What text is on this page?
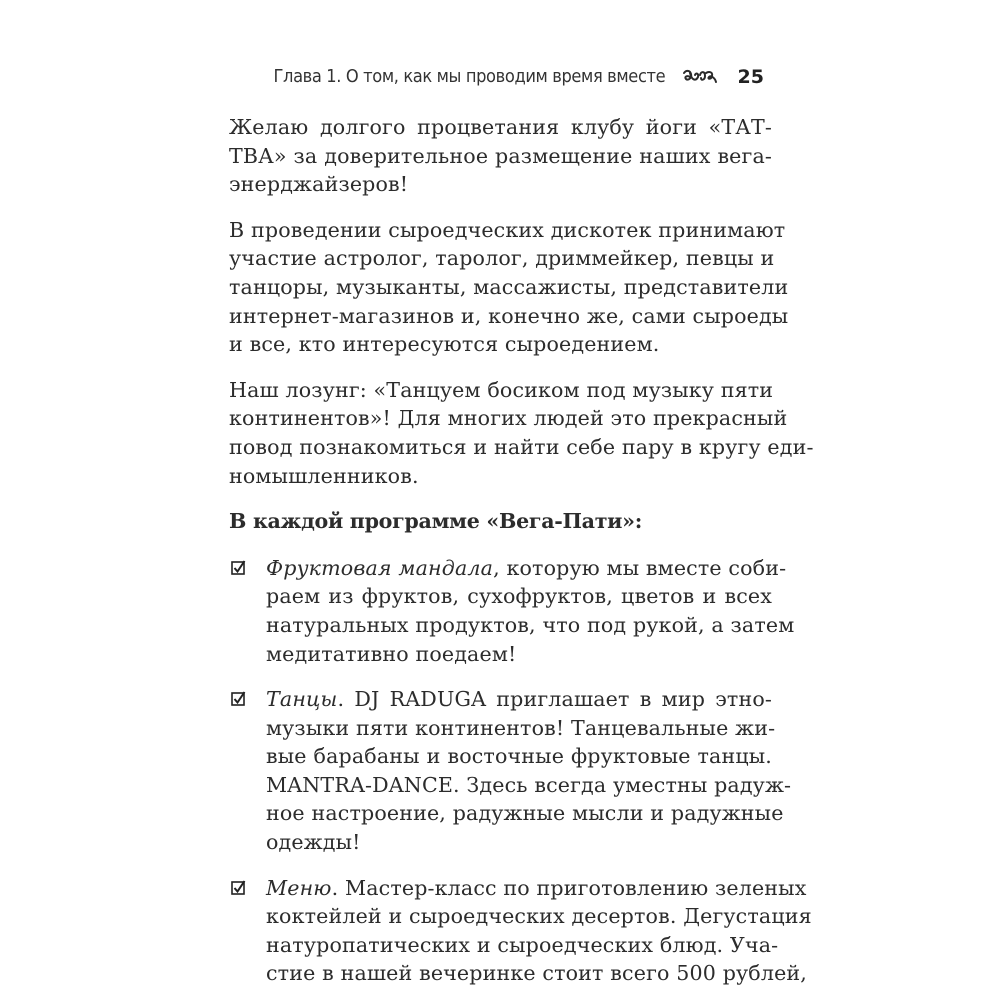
Глава 1. О том, как мы проводим время вместе	25

Желаю долгого процветания клубу йоги «ТАТ-
ТВА» за доверительное размещение наших вега-
энерджайзеров!

В проведении сыроедческих дискотек принимают
участие астролог, таролог, дриммейкер, певцы и
танцоры, музыканты, массажисты, представители
интернет-магазинов и, конечно же, сами сыроеды
и все, кто интересуются сыроедением.

Наш лозунг: «Танцуем босиком под музыку пяти
континентов»! Для многих людей это прекрасный
повод познакомиться и найти себе пару в кругу еди-
номышленников.

В каждой программе «Вега-Пати»:

Фруктовая мандала, которую мы вместе соби-
раем из фруктов, сухофруктов, цветов и всех
натуральных продуктов, что под рукой, а затем
медитативно поедаем!
Танцы. DJ RADUGA приглашает в мир этно-
музыки пяти континентов! Танцевальные жи-
вые барабаны и восточные фруктовые танцы.
MANTRA-DANCE. Здесь всегда уместны радуж-
ное настроение, радужные мысли и радужные
одежды!
Меню. Мастер-класс по приготовлению зеленых
коктейлей и сыроедческих десертов. Дегустация
натуропатических и сыроедческих блюд. Уча-
стие в нашей вечеринке стоит всего 500 рублей,
